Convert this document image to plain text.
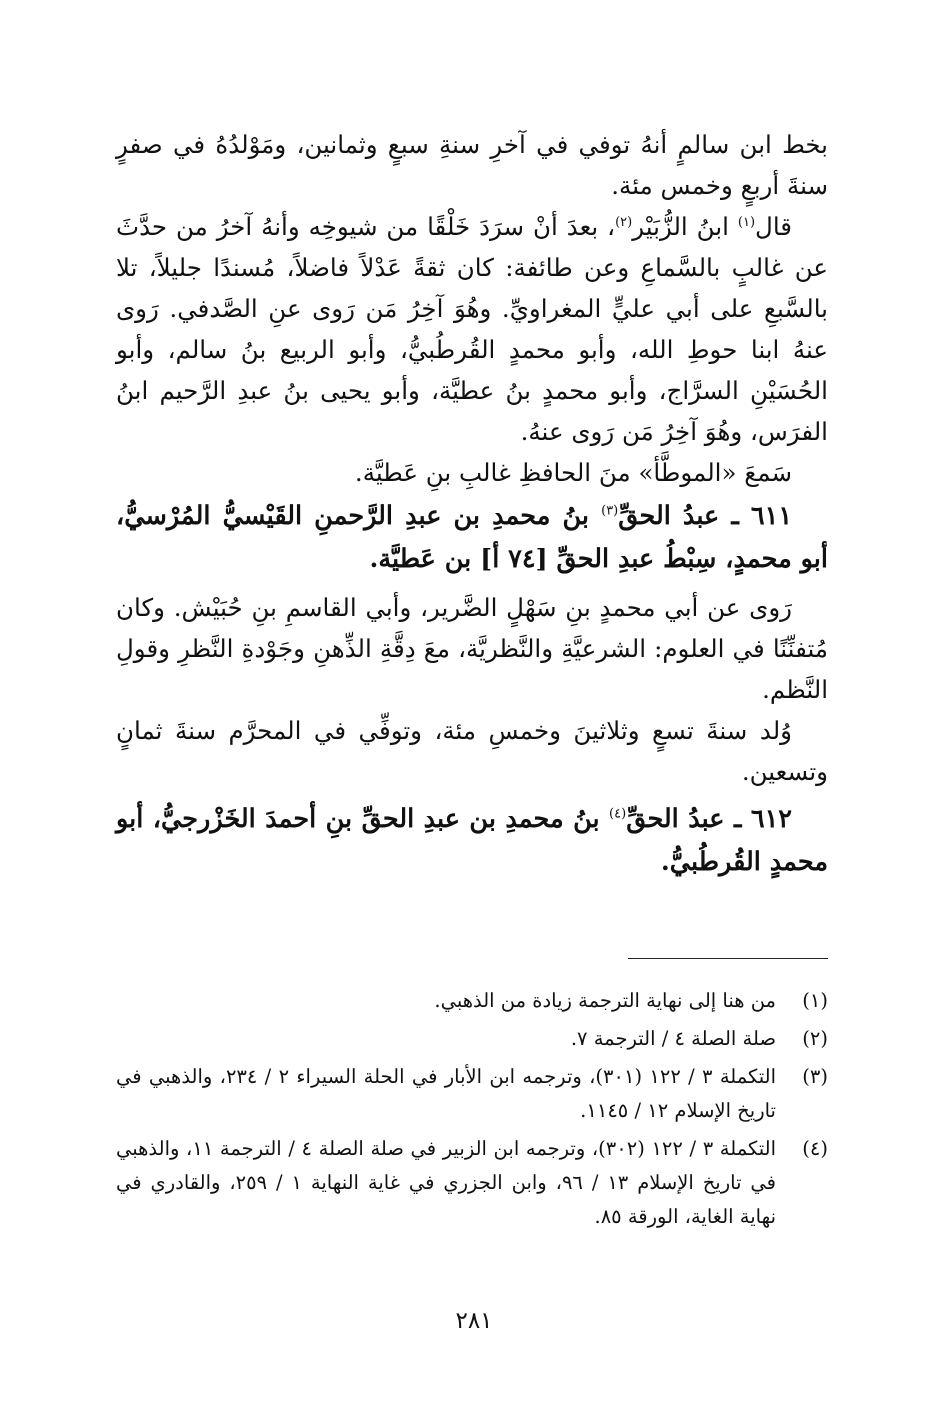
بخط ابن سالمٍ أنهُ توفي في آخرِ سنةِ سبعٍ وثمانين، ومَوْلدُهُ في صفرٍ سنةَ أربعٍ وخمس مئة.

قال$^{(١)}$ ابنُ الزُّبَيْر$^{(٢)}$، بعدَ أنْ سرَدَ خَلْقًا من شيوخِه وأنهُ آخرُ من حدَّثَ عن غالبٍ بالسَّماعِ وعن طائفة: كان ثقةً عَدْلاً فاضلاً، مُسندًا جليلاً، تلا بالسَّبعِ على أبي عليٍّ المغراويِّ. وهُوَ آخِرُ مَن رَوى عنِ الصَّدفي. رَوى عنهُ ابنا حوطِ الله، وأبو محمدٍ القُرطُبيُّ، وأبو الربيع بنُ سالم، وأبو الحُسَيْنِ السرَّاج، وأبو محمدٍ بنُ عطيَّة، وأبو يحيى بنُ عبدِ الرَّحيم ابنُ الفرَس، وهُوَ آخِرُ مَن رَوى عنهُ.

سَمعَ «الموطَّأ» منَ الحافظِ غالبِ بنِ عَطيَّة.

٦١١ ـ عبدُ الحقِّ$^{(٣)}$ بنُ محمدِ بن عبدِ الرَّحمنِ القَيْسيُّ المُرْسيُّ، أبو محمدٍ، سِبْطُ عبدِ الحقِّ [٧٤ أ] بن عَطيَّة.

رَوى عن أبي محمدٍ بنِ سَهْلٍ الضَّرير، وأبي القاسمِ بنِ حُبَيْش. وكان مُتفنِّنًا في العلوم: الشرعيَّةِ والنَّظريَّة، معَ دِقَّةِ الذِّهنِ وجَوْدةِ النَّظرِ وقولِ النَّظم.

وُلد سنةَ تسعٍ وثلاثينَ وخمسِ مئة، وتوفِّي في المحرَّم سنةَ ثمانٍ وتسعين.

٦١٢ ـ عبدُ الحقِّ$^{(٤)}$ بنُ محمدِ بن عبدِ الحقِّ بنِ أحمدَ الخَزْرجيُّ، أبو محمدٍ القُرطُبيُّ.

(١)
من هنا إلى نهاية الترجمة زيادة من الذهبي.
(٢)
صلة الصلة ٤ / الترجمة ٧.
(٣)
التكملة ٣ / ١٢٢ (٣٠١)، وترجمه ابن الأبار في الحلة السيراء ٢ / ٢٣٤، والذهبي في تاريخ الإسلام ١٢ / ١١٤٥.
(٤)
التكملة ٣ / ١٢٢ (٣٠٢)، وترجمه ابن الزبير في صلة الصلة ٤ / الترجمة ١١، والذهبي في تاريخ الإسلام ١٣ / ٩٦، وابن الجزري في غاية النهاية ١ / ٢٥٩، والقادري في نهاية الغاية، الورقة ٨٥.
٢٨١
